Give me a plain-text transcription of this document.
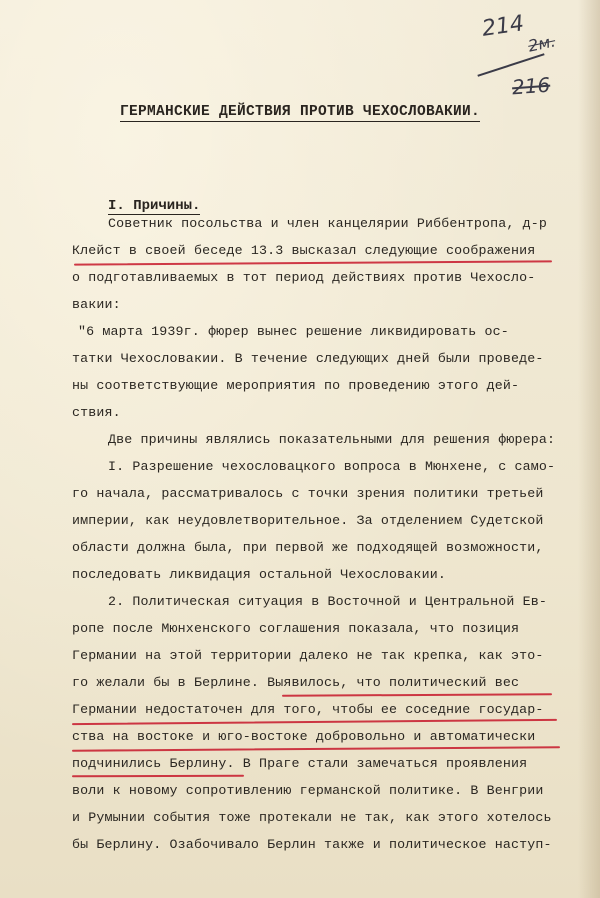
214
2м.
216
ГЕРМАНСКИЕ ДЕЙСТВИЯ ПРОТИВ ЧЕХОСЛОВАКИИ.
I. Причины.
Советник посольства и член канцелярии Риббентропа, д-р
Клейст в своей беседе 13.3 высказал следующие соображения
о подготавливаемых в тот период действиях против Чехосло-
вакии:
"6 марта 1939г. фюрер вынес решение ликвидировать ос-
татки Чехословакии. В течение следующих дней были проведе-
ны соответствующие мероприятия по проведению этого дей-
ствия.
Две причины являлись показательными для решения фюрера:
I. Разрешение чехословацкого вопроса в Мюнхене, с само-
го начала, рассматривалось с точки зрения политики третьей
империи, как неудовлетворительное. За отделением Судетской
области должна была, при первой же подходящей возможности,
последовать ликвидация остальной Чехословакии.
2. Политическая ситуация в Восточной и Центральной Ев-
ропе после Мюнхенского соглашения показала, что позиция
Германии на этой территории далеко не так крепка, как это-
го желали бы в Берлине. Выявилось, что политический вес
Германии недостаточен для того, чтобы ее соседние государ-
ства на востоке и юго-востоке добровольно и автоматически
подчинились Берлину. В Праге стали замечаться проявления
воли к новому сопротивлению германской политике. В Венгрии
и Румынии события тоже протекали не так, как этого хотелось
бы Берлину. Озабочивало Берлин также и политическое наступ-
